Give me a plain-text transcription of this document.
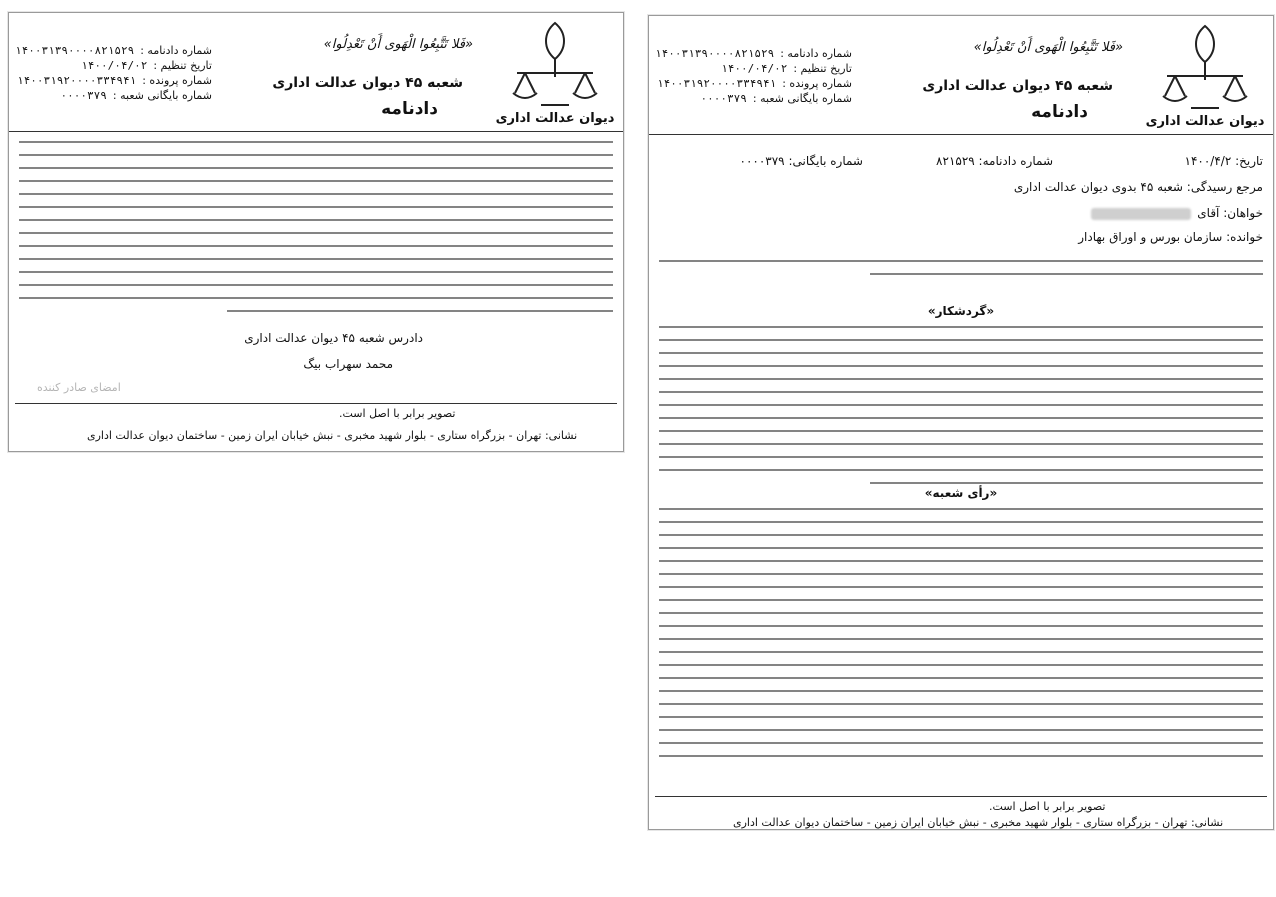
دیوان عدالت اداری
«فَلا تَتَّبِعُوا الْهَوى أَنْ تَعْدِلُوا»
شعبه ۴۵ دیوان عدالت اداری
دادنامه
شماره دادنامه :
۱۴۰۰۳۱۳۹۰۰۰۰۸۲۱۵۲۹
تاریخ تنظیم :
۱۴۰۰/۰۴/۰۲
شماره پرونده :
۱۴۰۰۳۱۹۲۰۰۰۰۳۳۴۹۴۱
شماره بایگانی شعبه :
۰۰۰۰۳۷۹
دادرس شعبه ۴۵ دیوان عدالت اداری
محمد سهراب بیگ
امضای صادر کننده
تصویر برابر با اصل است.
نشانی: تهران - بزرگراه ستاری - بلوار شهید مخبری - نبش خیابان ایران زمین - ساختمان دیوان عدالت اداری
دیوان عدالت اداری
«فَلا تَتَّبِعُوا الْهَوى أَنْ تَعْدِلُوا»
شعبه ۴۵ دیوان عدالت اداری
دادنامه
شماره دادنامه :
۱۴۰۰۳۱۳۹۰۰۰۰۸۲۱۵۲۹
تاریخ تنظیم :
۱۴۰۰/۰۴/۰۲
شماره پرونده :
۱۴۰۰۳۱۹۲۰۰۰۰۳۳۴۹۴۱
شماره بایگانی شعبه :
۰۰۰۰۳۷۹
تاریخ: ۱۴۰۰/۴/۲
شماره دادنامه: ۸۲۱۵۲۹
شماره بایگانی: ۰۰۰۰۳۷۹
مرجع رسیدگی: شعبه ۴۵ بدوی دیوان عدالت اداری
خواهان: آقای
خوانده: سازمان بورس و اوراق بهادار
«گردشکار»
«رأی شعبه»
تصویر برابر با اصل است.
نشانی: تهران - بزرگراه ستاری - بلوار شهید مخبری - نبش خیابان ایران زمین - ساختمان دیوان عدالت اداری
